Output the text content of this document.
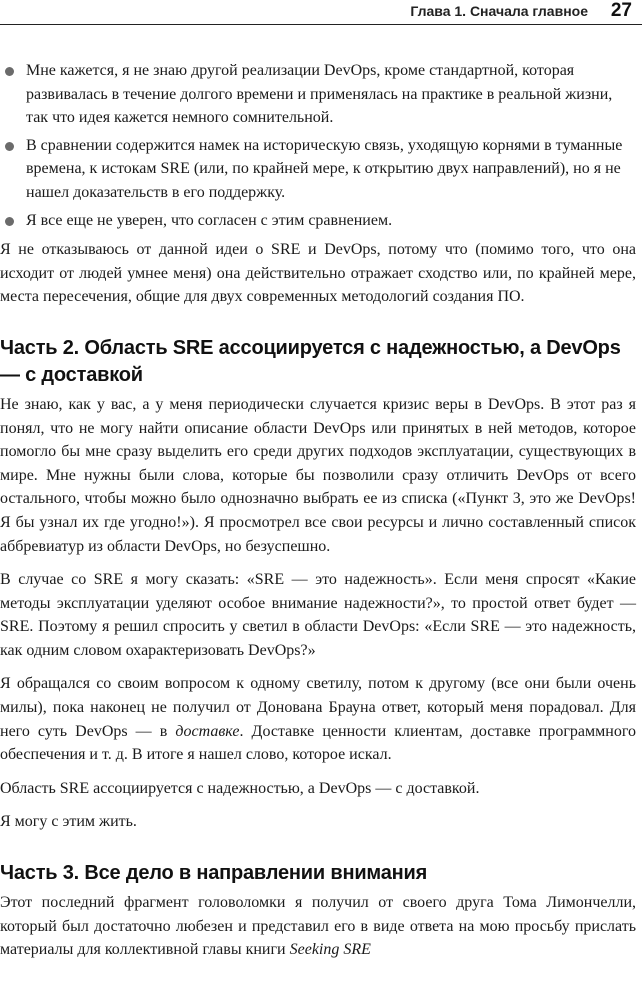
Глава 1. Сначала главное 27
Мне кажется, я не знаю другой реализации DevOps, кроме стандартной, которая развивалась в течение долгого времени и применялась на практике в реальной жизни, так что идея кажется немного сомнительной.
В сравнении содержится намек на историческую связь, уходящую корнями в туманные времена, к истокам SRE (или, по крайней мере, к открытию двух направлений), но я не нашел доказательств в его поддержку.
Я все еще не уверен, что согласен с этим сравнением.

Я не отказываюсь от данной идеи о SRE и DevOps, потому что (помимо того, что она исходит от людей умнее меня) она действительно отражает сходство или, по крайней мере, места пересечения, общие для двух современных методологий создания ПО.

Часть 2. Область SRE ассоциируется с надежностью, а DevOps — с доставкой

Не знаю, как у вас, а у меня периодически случается кризис веры в DevOps. В этот раз я понял, что не могу найти описание области DevOps или принятых в ней методов, которое помогло бы мне сразу выделить его среди других подходов эксплуатации, существующих в мире. Мне нужны были слова, которые бы позволили сразу отличить DevOps от всего остального, чтобы можно было однозначно выбрать ее из списка («Пункт 3, это же DevOps! Я бы узнал их где угодно!»). Я просмотрел все свои ресурсы и лично составленный список аббревиатур из области DevOps, но безуспешно.

В случае со SRE я могу сказать: «SRE — это надежность». Если меня спросят «Какие методы эксплуатации уделяют особое внимание надежности?», то простой ответ будет — SRE. Поэтому я решил спросить у светил в области DevOps: «Если SRE — это надежность, как одним словом охарактеризовать DevOps?»

Я обращался со своим вопросом к одному светилу, потом к другому (все они были очень милы), пока наконец не получил от Донована Брауна ответ, который меня порадовал. Для него суть DevOps — в доставке. Доставке ценности клиентам, доставке программного обеспечения и т. д. В итоге я нашел слово, которое искал.

Область SRE ассоциируется с надежностью, а DevOps — с доставкой.

Я могу с этим жить.

Часть 3. Все дело в направлении внимания

Этот последний фрагмент головоломки я получил от своего друга Тома Лимончелли, который был достаточно любезен и представил его в виде ответа на мою просьбу прислать материалы для коллективной главы книги Seeking SRE
